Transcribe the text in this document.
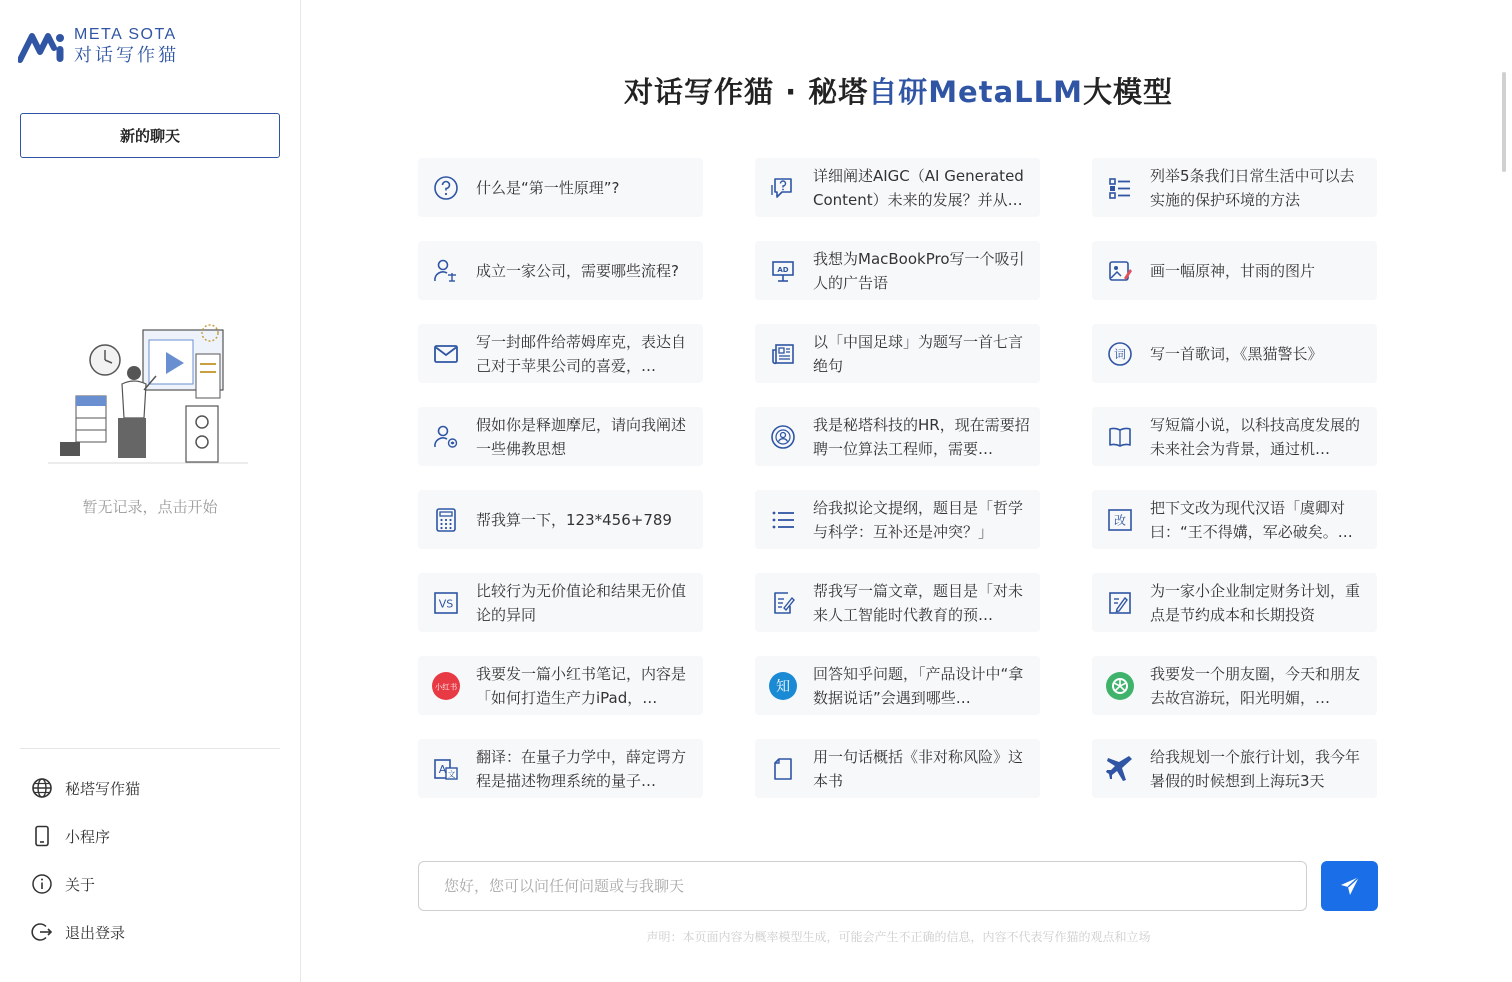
META SOTA
对话写作猫
新的聊天
暂无记录，点击开始
秘塔写作猫
小程序
关于
退出登录
对话写作猫 · 秘塔自研MetaLLM大模型
什么是“第一性原理”?
详细阐述AIGC（AI Generated Content）未来的发展？并从…
列举5条我们日常生活中可以去实施的保护环境的方法
成立一家公司，需要哪些流程?	AD
我想为MacBookPro写一个吸引人的广告语
画一幅原神，甘雨的图片
写一封邮件给蒂姆库克，表达自己对于苹果公司的喜爱，…
以「中国足球」为题写一首七言绝句
词 写一首歌词，《黑猫警长》
假如你是释迦摩尼，请向我阐述一些佛教思想
我是秘塔科技的HR，现在需要招聘一位算法工程师，需要…
写短篇小说，以科技高度发展的未来社会为背景，通过机…
帮我算一下，123*456+789
给我拟论文提纲，题目是「哲学与科学：互补还是冲突？」
改
把下文改为现代汉语「虞卿对曰：“王不得媾，军必破矣。…
VS
比较行为无价值论和结果无价值论的异同
帮我写一篇文章，题目是「对未来人工智能时代教育的预…
为一家小企业制定财务计划，重点是节约成本和长期投资
小红书
我要发一篇小红书笔记，内容是「如何打造生产力iPad，…
知
回答知乎问题，「产品设计中“拿数据说话”会遇到哪些…
我要发一个朋友圈，今天和朋友去故宫游玩，阳光明媚，…
A 文
翻译：在量子力学中，薛定谔方程是描述物理系统的量子…
用一句话概括《非对称风险》这本书
给我规划一个旅行计划，我今年暑假的时候想到上海玩3天
您好，您可以问任何问题或与我聊天
声明：本页面内容为概率模型生成，可能会产生不正确的信息，内容不代表写作猫的观点和立场
